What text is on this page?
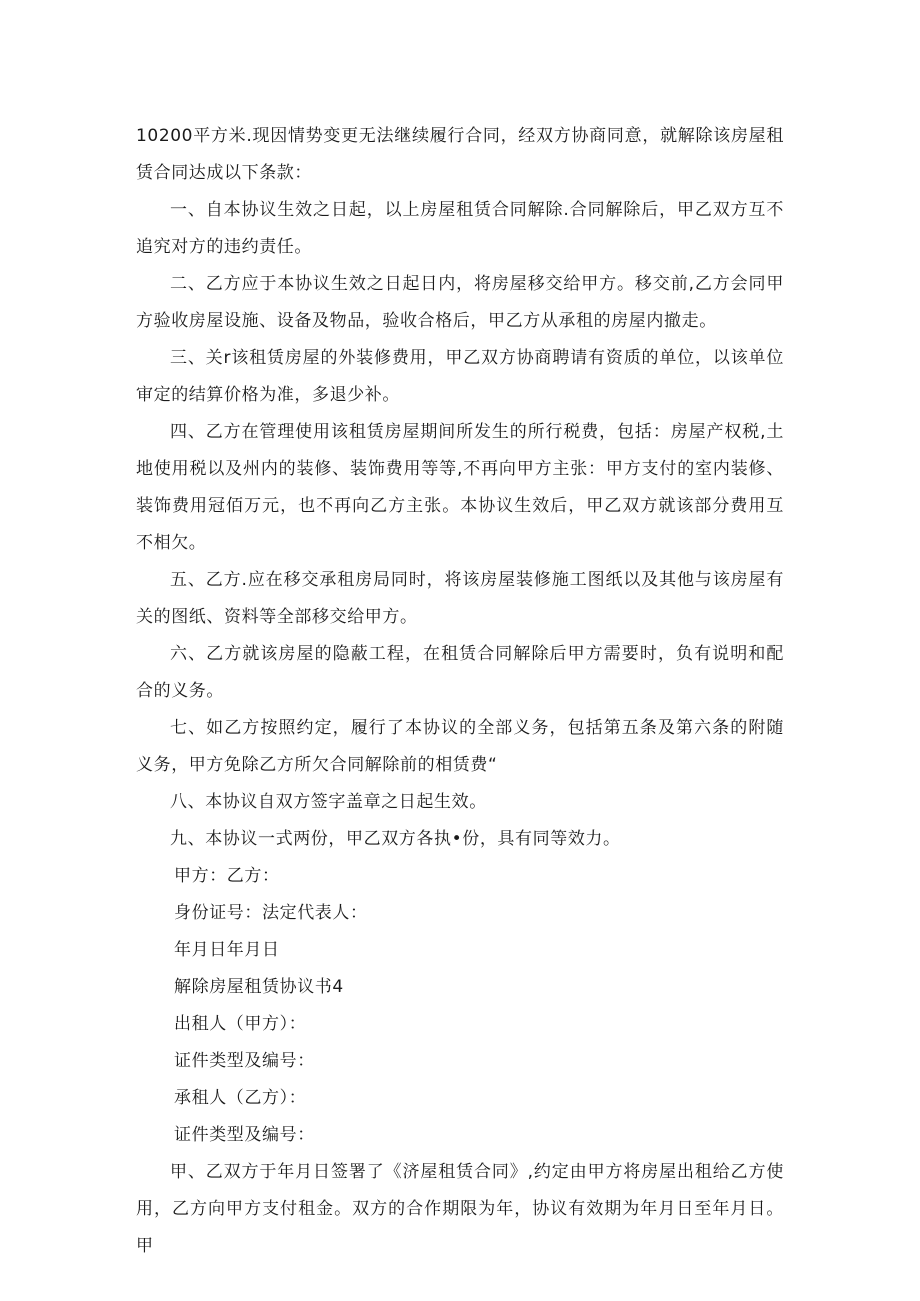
10200平方米.现因情势变更无法继续履行合同，经双方协商同意，就解除该房屋租赁合同达成以下条款：

一、自本协议生效之日起，以上房屋租赁合同解除.合同解除后，甲乙双方互不追究对方的违约责任。

二、乙方应于本协议生效之日起日内，将房屋移交给甲方。移交前,乙方会同甲方验收房屋设施、设备及物品，验收合格后，甲乙方从承租的房屋内撤走。

三、关r该租赁房屋的外装修费用，甲乙双方协商聘请有资质的单位，以该单位审定的结算价格为准，多退少补。

四、乙方在管理使用该租赁房屋期间所发生的所行税费，包括：房屋产权税,土地使用税以及州内的装修、装饰费用等等,不再向甲方主张：甲方支付的室内装修、装饰费用冠佰万元，也不再向乙方主张。本协议生效后，甲乙双方就该部分费用互不相欠。

五、乙方.应在移交承租房局同时，将该房屋装修施工图纸以及其他与该房屋有关的图纸、资料等全部移交给甲方。

六、乙方就该房屋的隐蔽工程，在租赁合同解除后甲方需要时，负有说明和配合的义务。

七、如乙方按照约定，履行了本协议的全部义务，包括第五条及第六条的附随义务，甲方免除乙方所欠合同解除前的相赁费“

八、本协议自双方签字盖章之日起生效。

九、本协议一式两份，甲乙双方各执•份，具有同等效力。

甲方：乙方：

身份证号：法定代表人：

年月日年月日

解除房屋租赁协议书4

出租人（甲方）：

证件类型及编号：

承租人（乙方）：

证件类型及编号：

甲、乙双方于年月日签署了《济屋租赁合同》,约定由甲方将房屋出租给乙方使用，乙方向甲方支付租金。双方的合作期限为年，协议有效期为年月日至年月日。甲
